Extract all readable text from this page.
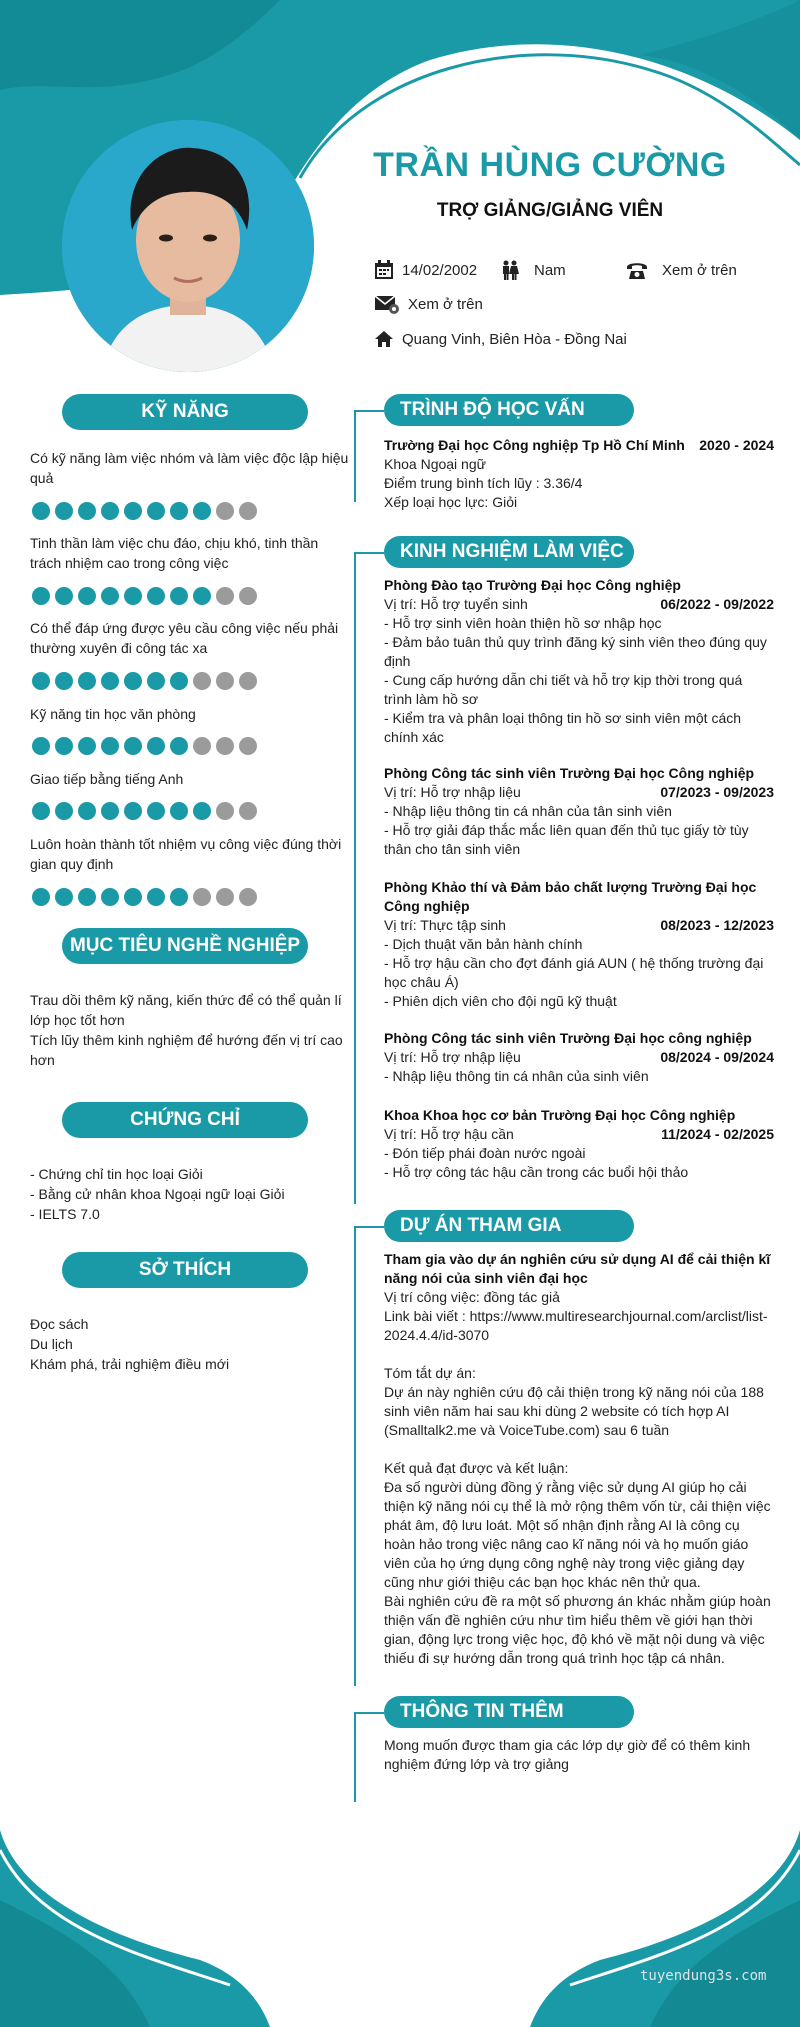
TRẦN HÙNG CƯỜNG
TRỢ GIẢNG/GIẢNG VIÊN
14/02/2002	Nam	Xem ở trên
Xem ở trên
Quang Vinh, Biên Hòa - Đồng Nai
KỸ NĂNG
Có kỹ năng làm việc nhóm và làm việc độc lập hiệu quả
Tinh thần làm việc chu đáo, chịu khó, tinh thần trách nhiệm cao trong công việc
Có thể đáp ứng được yêu cầu công việc nếu phải thường xuyên đi công tác xa
Kỹ năng tin học văn phòng
Giao tiếp bằng tiếng Anh
Luôn hoàn thành tốt nhiệm vụ công việc đúng thời gian quy định
MỤC TIÊU NGHỀ NGHIỆP

Trau dồi thêm kỹ năng, kiến thức để có thể quản lí lớp học tốt hơn

Tích lũy thêm kinh nghiệm để hướng đến vị trí cao hơn

CHỨNG CHỈ

- Chứng chỉ tin học loại Giỏi

- Bằng cử nhân khoa Ngoại ngữ loại Giỏi

- IELTS 7.0

SỞ THÍCH

Đọc sách

Du lịch

Khám phá, trải nghiệm điều mới

TRÌNH ĐỘ HỌC VẤN
Trường Đại học Công nghiệp Tp Hồ Chí Minh 2020 - 2024

Khoa Ngoại ngữ

Điểm trung bình tích lũy : 3.36/4

Xếp loại học lực: Giỏi

KINH NGHIỆM LÀM VIỆC

Phòng Đào tạo Trường Đại học Công nghiệp

Vị trí: Hỗ trợ tuyển sinh	06/2022 - 09/2022

- Hỗ trợ sinh viên hoàn thiện hồ sơ nhập học

- Đảm bảo tuân thủ quy trình đăng ký sinh viên theo đúng quy định

- Cung cấp hướng dẫn chi tiết và hỗ trợ kịp thời trong quá trình làm hồ sơ

- Kiểm tra và phân loại thông tin hồ sơ sinh viên một cách chính xác

Phòng Công tác sinh viên Trường Đại học Công nghiệp

Vị trí: Hỗ trợ nhập liệu	07/2023 - 09/2023

- Nhập liệu thông tin cá nhân của tân sinh viên

- Hỗ trợ giải đáp thắc mắc liên quan đến thủ tục giấy tờ tùy thân cho tân sinh viên

Phòng Khảo thí và Đảm bảo chất lượng Trường Đại học Công nghiệp

Vị trí: Thực tập sinh	08/2023 - 12/2023

- Dịch thuật văn bản hành chính

- Hỗ trợ hậu cần cho đợt đánh giá AUN ( hệ thống trường đại học châu Á)

- Phiên dịch viên cho đội ngũ kỹ thuật

Phòng Công tác sinh viên Trường Đại học công nghiệp

Vị trí: Hỗ trợ nhập liệu	08/2024 - 09/2024

- Nhập liệu thông tin cá nhân của sinh viên

Khoa Khoa học cơ bản Trường Đại học Công nghiệp

Vị trí: Hỗ trợ hậu cần	11/2024 - 02/2025

- Đón tiếp phái đoàn nước ngoài

- Hỗ trợ công tác hậu cần trong các buổi hội thảo

DỰ ÁN THAM GIA

Tham gia vào dự án nghiên cứu sử dụng AI để cải thiện kĩ năng nói của sinh viên đại học

Vị trí công việc: đồng tác giả

Link bài viết : https://www.multiresearchjournal.com/arclist/list-2024.4.4/id-3070

Tóm tắt dự án:

Dự án này nghiên cứu độ cải thiện trong kỹ năng nói của 188 sinh viên năm hai sau khi dùng 2 website có tích hợp AI (Smalltalk2.me và VoiceTube.com) sau 6 tuần

Kết quả đạt được và kết luận:

Đa số người dùng đồng ý rằng việc sử dụng AI giúp họ cải thiện kỹ năng nói cụ thể là mở rộng thêm vốn từ, cải thiện việc phát âm, độ lưu loát. Một số nhận định rằng AI là công cụ hoàn hảo trong việc nâng cao kĩ năng nói và họ muốn giáo viên của họ ứng dụng công nghệ này trong việc giảng dạy cũng như giới thiệu các bạn học khác nên thử qua.

Bài nghiên cứu đề ra một số phương án khác nhằm giúp hoàn thiện vấn đề nghiên cứu như tìm hiểu thêm về giới hạn thời gian, động lực trong việc học, độ khó về mặt nội dung và việc thiếu đi sự hướng dẫn trong quá trình học tập cá nhân.

THÔNG TIN THÊM
Mong muốn được tham gia các lớp dự giờ để có thêm kinh nghiệm đứng lớp và trợ giảng
tuyendung3s.com
